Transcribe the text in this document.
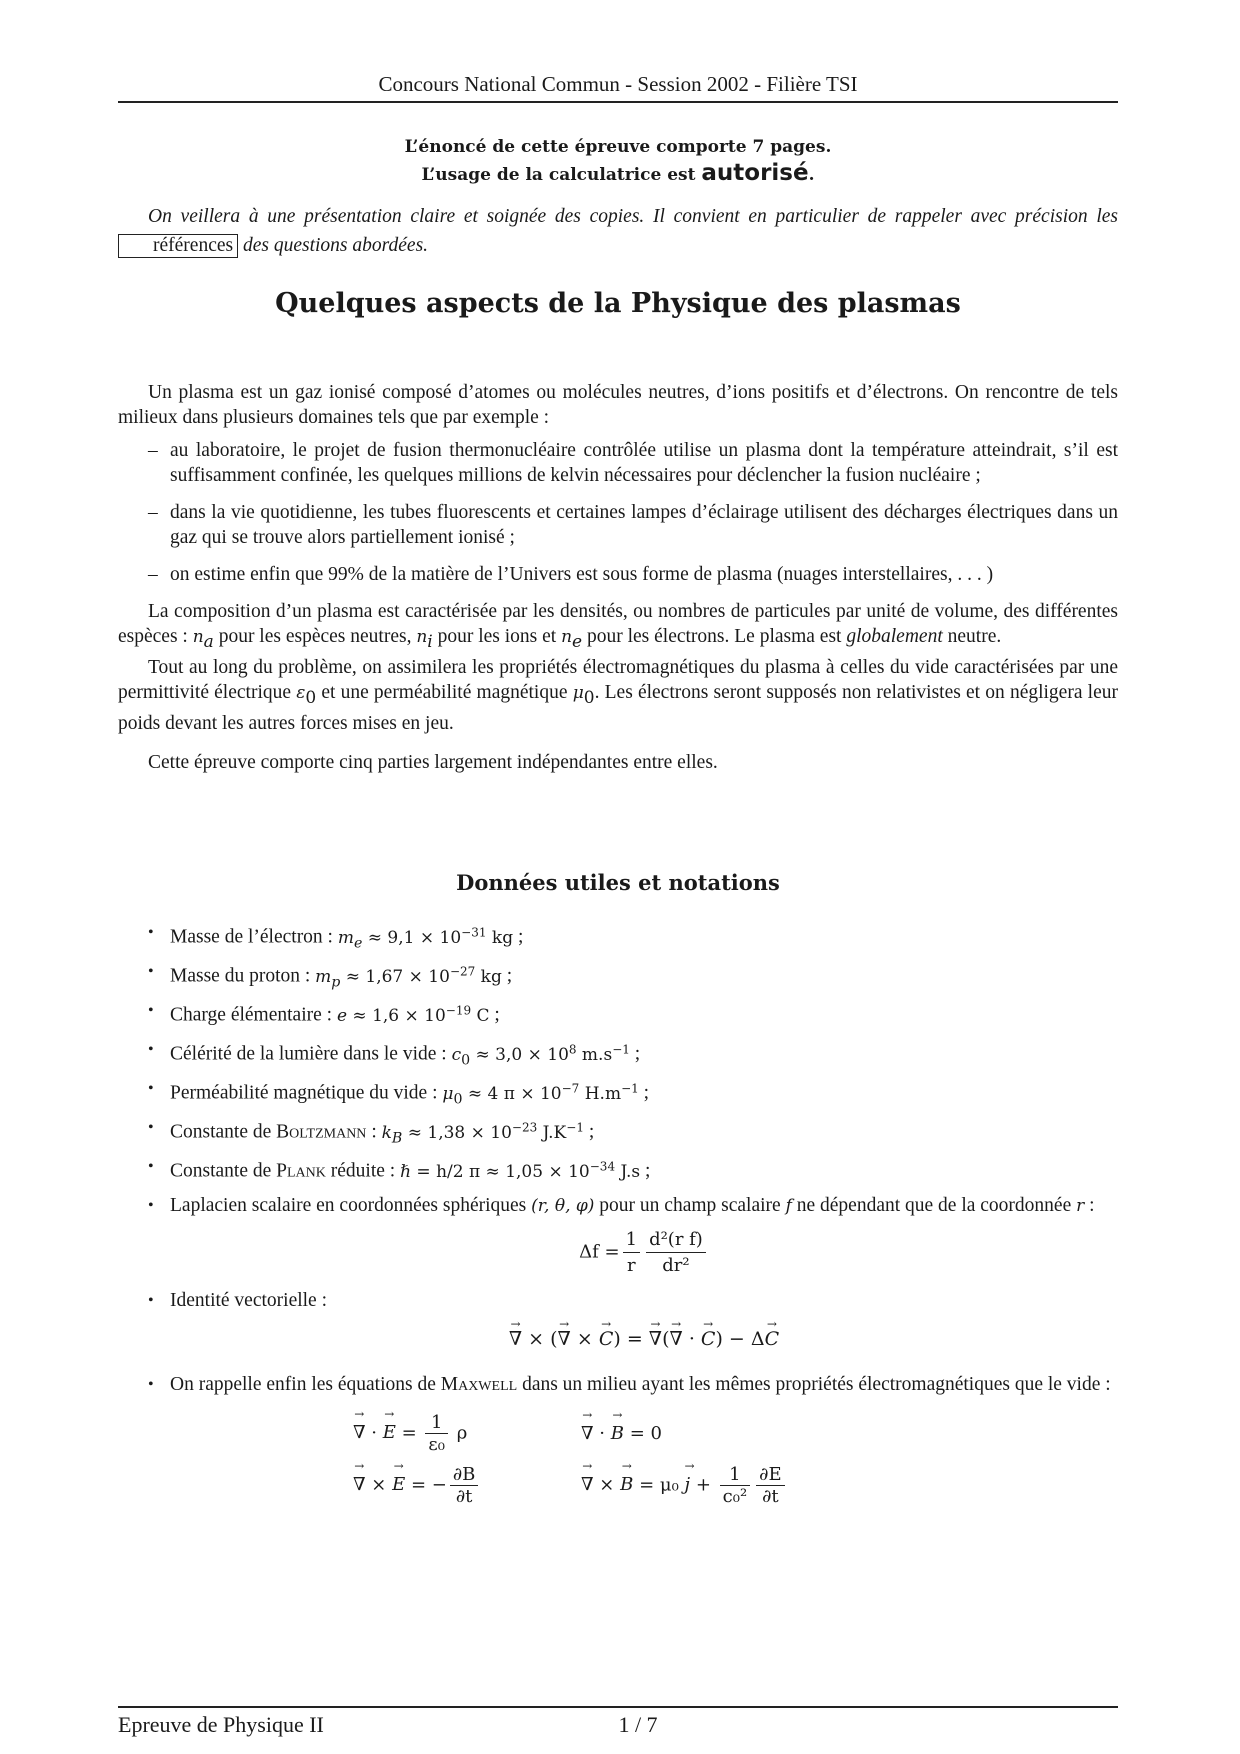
Concours National Commun - Session 2002 - Filière TSI
L’énoncé de cette épreuve comporte 7 pages.
L’usage de la calculatrice est autorisé.
On veillera à une présentation claire et soignée des copies. Il convient en particulier de rappeler avec précision les références des questions abordées.
Quelques aspects de la Physique des plasmas

Un plasma est un gaz ionisé composé d’atomes ou molécules neutres, d’ions positifs et d’électrons. On rencontre de tels milieux dans plusieurs domaines tels que par exemple :

– au laboratoire, le projet de fusion thermonucléaire contrôlée utilise un plasma dont la température atteindrait, s’il est suffisamment confinée, les quelques millions de kelvin nécessaires pour déclencher la fusion nucléaire ;
– dans la vie quotidienne, les tubes fluorescents et certaines lampes d’éclairage utilisent des décharges électriques dans un gaz qui se trouve alors partiellement ionisé ;
– on estime enfin que 99% de la matière de l’Univers est sous forme de plasma (nuages interstellaires, . . . )

La composition d’un plasma est caractérisée par les densités, ou nombres de particules par unité de volume, des différentes espèces : $n_a$ pour les espèces neutres, $n_i$ pour les ions et $n_e$ pour les électrons. Le plasma est globalement neutre.

Tout au long du problème, on assimilera les propriétés électromagnétiques du plasma à celles du vide caractérisées par une permittivité électrique $\varepsilon_0$ et une perméabilité magnétique $\mu_0$. Les électrons seront supposés non relativistes et on négligera leur poids devant les autres forces mises en jeu.

Cette épreuve comporte cinq parties largement indépendantes entre elles.

Données utiles et notations
• Masse de l’électron : $m_e \approx 9,1 \times 10^{-31}$ kg ;
• Masse du proton : $m_p \approx 1,67 \times 10^{-27}$ kg ;
• Charge élémentaire : $e \approx 1,6 \times 10^{-19}$ C ;
• Célérité de la lumière dans le vide : $c_0 \approx 3,0 \times 10^8$ $m.s^{-1}$ ;
• Perméabilité magnétique du vide : $\mu_0 \approx 4$ $\pi \times 10^{-7}$ $H.m^{-1}$ ;
• Constante de Boltzmann : $k_B \approx 1,38 \times 10^{-23}$ $J.K^{-1}$ ;
• Constante de Plank réduite : ℏ = h/2 $\pi \approx 1,05 \times 10^{-34}$ J.s ;
• Laplacien scalaire en coordonnées sphériques (r, θ, φ) pour un champ scalaire f ne dépendant que de la coordonnée r :
$\Delta f = \frac{1}{r} \frac{\text{d²(r f)}}{\text{dr²}}$
• Identité vectorielle :
∇ → × (∇ → × C →) = ∇ →(∇ → · C →) − ΔC →
• On rappelle enfin les équations de Maxwell dans un milieu ayant les mêmes propriétés électromagnétiques que le vide :
∇ → · E → = $\frac{1}{\text{ε₀}}$ ρ	∇ → · B → = 0
∇ → × E → = − $\frac{\partial B}{\partial t}$	∇ → × B → = μ₀ j → + $\frac{1}{\text{c₀²}} \frac{\partial E}{\partial t}$
Epreuve de Physique II	1 / 7
